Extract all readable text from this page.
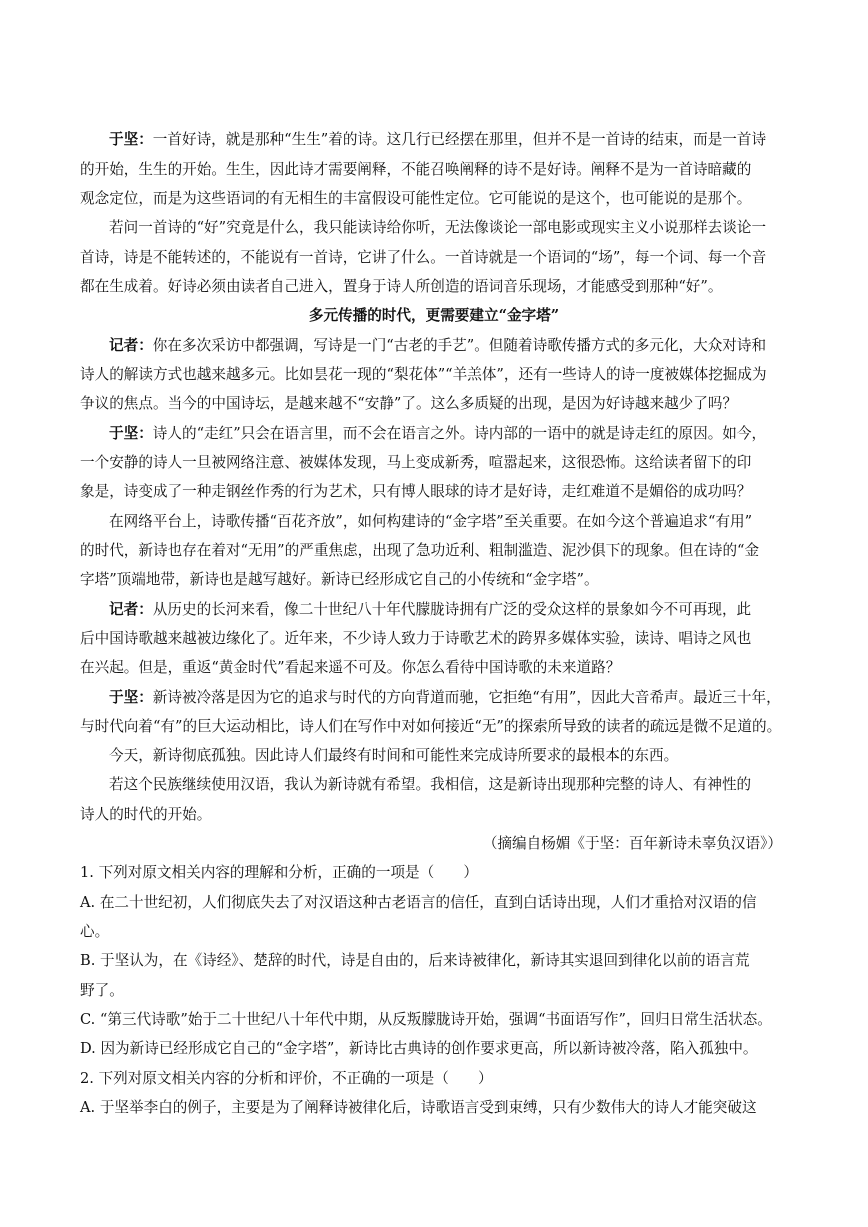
于坚：一首好诗，就是那种“生生”着的诗。这几行已经摆在那里，但并不是一首诗的结束，而是一首诗
的开始，生生的开始。生生，因此诗才需要阐释，不能召唤阐释的诗不是好诗。阐释不是为一首诗暗藏的
观念定位，而是为这些语词的有无相生的丰富假设可能性定位。它可能说的是这个，也可能说的是那个。
若问一首诗的“好”究竟是什么，我只能读诗给你听，无法像谈论一部电影或现实主义小说那样去谈论一
首诗，诗是不能转述的，不能说有一首诗，它讲了什么。一首诗就是一个语词的“场”，每一个词、每一个音
都在生成着。好诗必须由读者自己进入，置身于诗人所创造的语词音乐现场，才能感受到那种“好”。
多元传播的时代，更需要建立“金字塔”
记者：你在多次采访中都强调，写诗是一门“古老的手艺”。但随着诗歌传播方式的多元化，大众对诗和
诗人的解读方式也越来越多元。比如昙花一现的“梨花体”“羊羔体”，还有一些诗人的诗一度被媒体挖掘成为
争议的焦点。当今的中国诗坛，是越来越不“安静”了。这么多质疑的出现，是因为好诗越来越少了吗？
于坚：诗人的“走红”只会在语言里，而不会在语言之外。诗内部的一语中的就是诗走红的原因。如今，
一个安静的诗人一旦被网络注意、被媒体发现，马上变成新秀，喧嚣起来，这很恐怖。这给读者留下的印
象是，诗变成了一种走钢丝作秀的行为艺术，只有博人眼球的诗才是好诗，走红难道不是媚俗的成功吗？
在网络平台上，诗歌传播“百花齐放”，如何构建诗的“金字塔”至关重要。在如今这个普遍追求“有用”
的时代，新诗也存在着对“无用”的严重焦虑，出现了急功近利、粗制滥造、泥沙俱下的现象。但在诗的“金
字塔”顶端地带，新诗也是越写越好。新诗已经形成它自己的小传统和“金字塔”。
记者：从历史的长河来看，像二十世纪八十年代朦胧诗拥有广泛的受众这样的景象如今不可再现，此
后中国诗歌越来越被边缘化了。近年来，不少诗人致力于诗歌艺术的跨界多媒体实验，读诗、唱诗之风也
在兴起。但是，重返“黄金时代”看起来遥不可及。你怎么看待中国诗歌的未来道路？
于坚：新诗被冷落是因为它的追求与时代的方向背道而驰，它拒绝“有用”，因此大音希声。最近三十年，
与时代向着“有”的巨大运动相比，诗人们在写作中对如何接近“无”的探索所导致的读者的疏远是微不足道的。
今天，新诗彻底孤独。因此诗人们最终有时间和可能性来完成诗所要求的最根本的东西。
若这个民族继续使用汉语，我认为新诗就有希望。我相信，这是新诗出现那种完整的诗人、有神性的
诗人的时代的开始。
（摘编自杨媚《于坚：百年新诗未辜负汉语》）
1. 下列对原文相关内容的理解和分析，正确的一项是（　　）
A. 在二十世纪初，人们彻底失去了对汉语这种古老语言的信任，直到白话诗出现，人们才重拾对汉语的信
心。
B. 于坚认为，在《诗经》、楚辞的时代，诗是自由的，后来诗被律化，新诗其实退回到律化以前的语言荒
野了。
C. “第三代诗歌”始于二十世纪八十年代中期，从反叛朦胧诗开始，强调“书面语写作”，回归日常生活状态。
D. 因为新诗已经形成它自己的“金字塔”，新诗比古典诗的创作要求更高，所以新诗被冷落，陷入孤独中。
2. 下列对原文相关内容的分析和评价，不正确的一项是（　　）
A. 于坚举李白的例子，主要是为了阐释诗被律化后，诗歌语言受到束缚，只有少数伟大的诗人才能突破这
